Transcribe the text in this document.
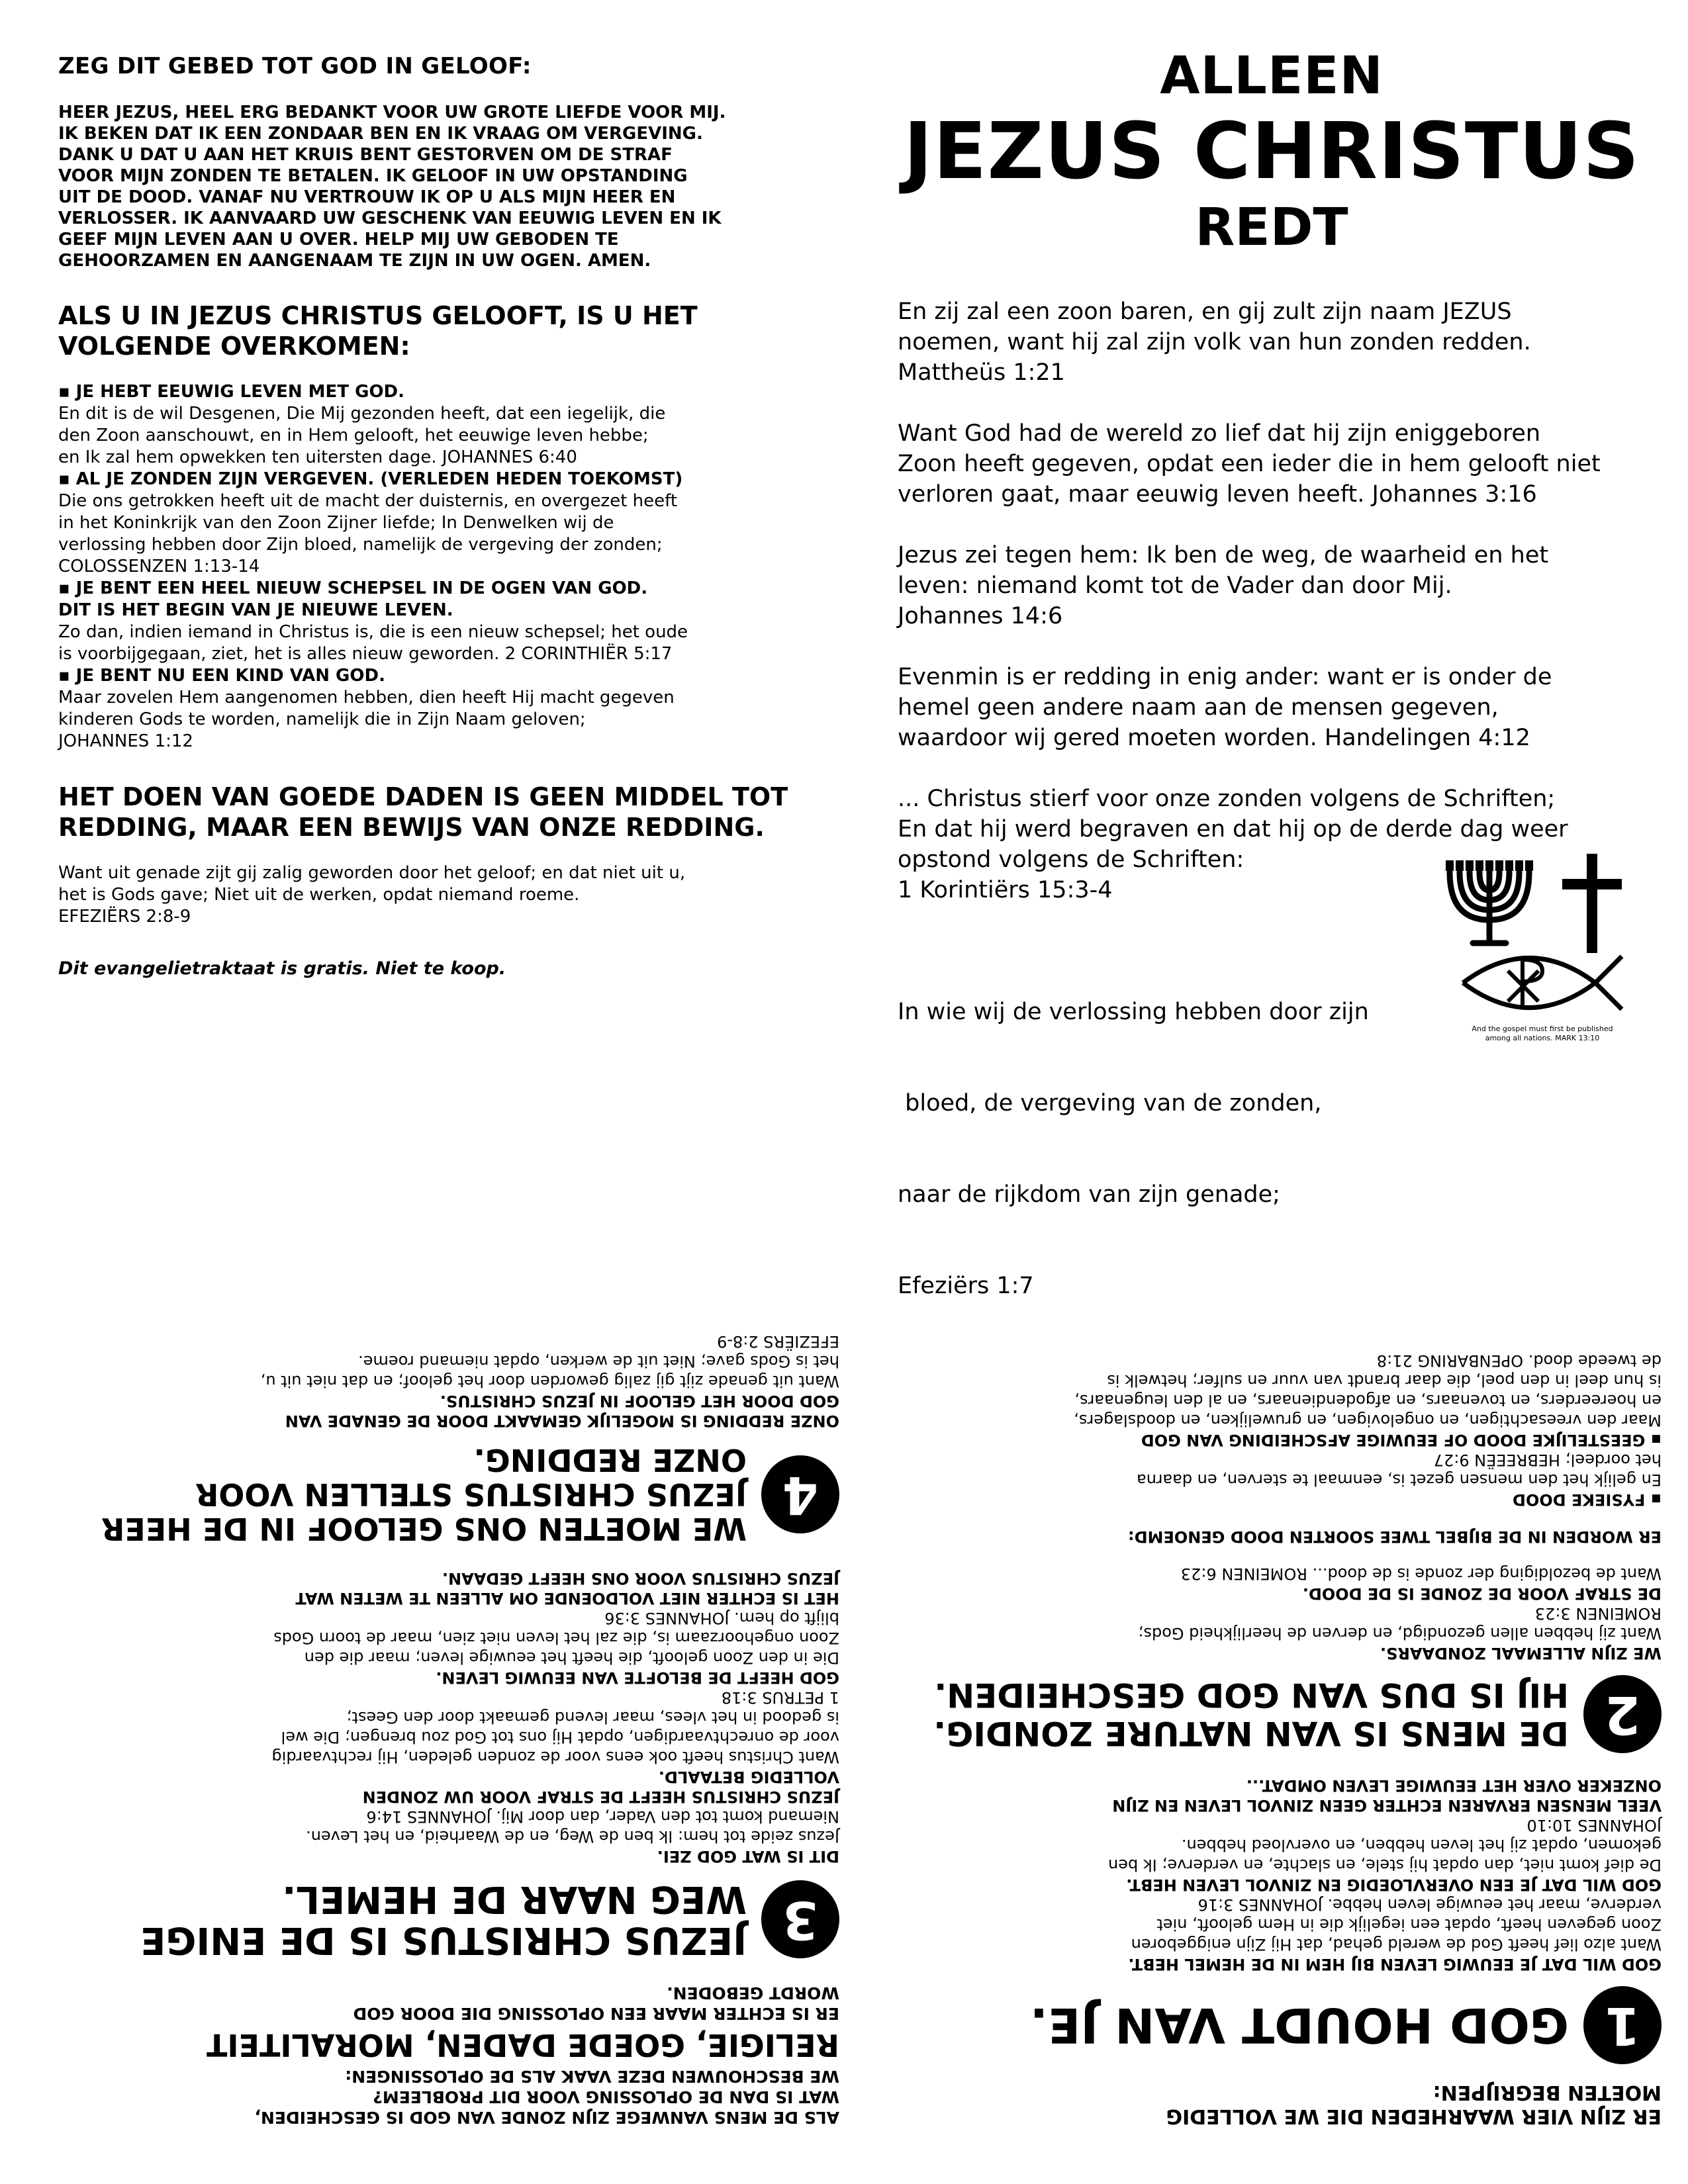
ZEG DIT GEBED TOT GOD IN GELOOF:
HEER JEZUS, HEEL ERG BEDANKT VOOR UW GROTE LIEFDE VOOR MIJ.
IK BEKEN DAT IK EEN ZONDAAR BEN EN IK VRAAG OM VERGEVING.
DANK U DAT U AAN HET KRUIS BENT GESTORVEN OM DE STRAF
VOOR MIJN ZONDEN TE BETALEN. IK GELOOF IN UW OPSTANDING
UIT DE DOOD. VANAF NU VERTROUW IK OP U ALS MIJN HEER EN
VERLOSSER. IK AANVAARD UW GESCHENK VAN EEUWIG LEVEN EN IK
GEEF MIJN LEVEN AAN U OVER. HELP MIJ UW GEBODEN TE
GEHOORZAMEN EN AANGENAAM TE ZIJN IN UW OGEN. AMEN.
ALS U IN JEZUS CHRISTUS GELOOFT, IS U HET
VOLGENDE OVERKOMEN:
▪ JE HEBT EEUWIG LEVEN MET GOD.
En dit is de wil Desgenen, Die Mij gezonden heeft, dat een iegelijk, die
den Zoon aanschouwt, en in Hem gelooft, het eeuwige leven hebbe;
en Ik zal hem opwekken ten uitersten dage. JOHANNES 6:40
▪ AL JE ZONDEN ZIJN VERGEVEN. (VERLEDEN HEDEN TOEKOMST)
Die ons getrokken heeft uit de macht der duisternis, en overgezet heeft
in het Koninkrijk van den Zoon Zijner liefde; In Denwelken wij de
verlossing hebben door Zijn bloed, namelijk de vergeving der zonden;
COLOSSENZEN 1:13-14
▪ JE BENT EEN HEEL NIEUW SCHEPSEL IN DE OGEN VAN GOD.
DIT IS HET BEGIN VAN JE NIEUWE LEVEN.
Zo dan, indien iemand in Christus is, die is een nieuw schepsel; het oude
is voorbijgegaan, ziet, het is alles nieuw geworden. 2 CORINTHIËR 5:17
▪ JE BENT NU EEN KIND VAN GOD.
Maar zovelen Hem aangenomen hebben, dien heeft Hij macht gegeven
kinderen Gods te worden, namelijk die in Zijn Naam geloven;
JOHANNES 1:12
HET DOEN VAN GOEDE DADEN IS GEEN MIDDEL TOT
REDDING, MAAR EEN BEWIJS VAN ONZE REDDING.
Want uit genade zijt gij zalig geworden door het geloof; en dat niet uit u,
het is Gods gave; Niet uit de werken, opdat niemand roeme.
EFEZIËRS 2:8-9
Dit evangelietraktaat is gratis. Niet te koop.
ALLEEN
JEZUS CHRISTUS
REDT
En zij zal een zoon baren, en gij zult zijn naam JEZUS
noemen, want hij zal zijn volk van hun zonden redden.
Mattheüs 1:21
Want God had de wereld zo lief dat hij zijn eniggeboren
Zoon heeft gegeven, opdat een ieder die in hem gelooft niet
verloren gaat, maar eeuwig leven heeft. Johannes 3:16
Jezus zei tegen hem: Ik ben de weg, de waarheid en het
leven: niemand komt tot de Vader dan door Mij.
Johannes 14:6
Evenmin is er redding in enig ander: want er is onder de
hemel geen andere naam aan de mensen gegeven,
waardoor wij gered moeten worden. Handelingen 4:12
... Christus stierf voor onze zonden volgens de Schriften;
En dat hij werd begraven en dat hij op de derde dag weer
opstond volgens de Schriften:
1 Korintiërs 15:3-4

In wie wij de verlossing hebben door zijn

bloed, de vergeving van de zonden,

naar de rijkdom van zijn genade;

Efeziërs 1:7

And the gospel must first be published
among all nations. MARK 13:10
ALS DE MENS VANWEGE ZIJN ZONDE VAN GOD IS GESCHEIDEN,
WAT IS DAN DE OPLOSSING VOOR DIT PROBLEEM?
WE BESCHOUWEN DEZE VAAK ALS DE OPLOSSINGEN:
RELIGIE, GOEDE DADEN, MORALITEIT
ER IS ECHTER MAAR EEN OPLOSSING DIE DOOR GOD
WORDT GEBODEN.
3
JEZUS CHRISTUS IS DE ENIGE
WEG NAAR DE HEMEL.
DIT IS WAT GOD ZEI.
Jezus zeide tot hem: Ik ben de Weg, en de Waarheid, en het Leven.
Niemand komt tot den Vader, dan door Mij. JOHANNES 14:6
JEZUS CHRISTUS HEEFT DE STRAF VOOR UW ZONDEN
VOLLEDIG BETAALD.
Want Christus heeft ook eens voor de zonden geleden, Hij rechtvaardig
voor de onrechtvaardigen, opdat Hij ons tot God zou brengen; Die wel
is gedood in het vlees, maar levend gemaakt door den Geest;
1 PETRUS 3:18
GOD HEEFT DE BELOFTE VAN EEUWIG LEVEN.
Die in den Zoon gelooft, die heeft het eeuwige leven; maar die den
Zoon ongehoorzaam is, die zal het leven niet zien, maar de toorn Gods
blijft op hem. JOHANNES 3:36
HET IS ECHTER NIET VOLDOENDE OM ALLEEN TE WETEN WAT
JEZUS CHRISTUS VOOR ONS HEEFT GEDAAN.
4
WE MOETEN ONS GELOOF IN DE HEER
JEZUS CHRISTUS STELLEN VOOR
ONZE REDDING.
ONZE REDDING IS MOGELIJK GEMAAKT DOOR DE GENADE VAN
GOD DOOR HET GELOOF IN JEZUS CHRISTUS.
Want uit genade zijt gij zalig geworden door het geloof; en dat niet uit u,
het is Gods gave; Niet uit de werken, opdat niemand roeme.
EFEZIËRS 2:8-9
ER ZIJN VIER WAARHEDEN DIE WE VOLLEDIG
MOETEN BEGRIJPEN:
1
GOD HOUDT VAN JE.
GOD WIL DAT JE EEUWIG LEVEN BIJ HEM IN DE HEMEL HEBT.
Want alzo lief heeft God de wereld gehad, dat Hij Zijn eniggeboren
Zoon gegeven heeft, opdat een iegelijk die in Hem gelooft, niet
verderve, maar het eeuwige leven hebbe. JOHANNES 3:16
GOD WIL DAT JE EEN OVERVLOEDIG EN ZINVOL LEVEN HEBT.
De dief komt niet, dan opdat hij stele, en slachte, en verderve; Ik ben
gekomen, opdat zij het leven hebben, en overvloed hebben.
JOHANNES 10:10
VEEL MENSEN ERVAREN ECHTER GEEN ZINVOL LEVEN EN ZIJN
ONZEKER OVER HET EEUWIGE LEVEN OMDAT...
2
DE MENS IS VAN NATURE ZONDIG.
HIJ IS DUS VAN GOD GESCHEIDEN.
WE ZIJN ALLEMAAL ZONDAARS.
Want zij hebben allen gezondigd, en derven de heerlijkheid Gods;
ROMEINEN 3:23
DE STRAF VOOR DE ZONDE IS DE DOOD.
Want de bezoldiging der zonde is de dood... ROMEINEN 6:23
ER WORDEN IN DE BIJBEL TWEE SOORTEN DOOD GENOEMD:
▪ FYSIEKE DOOD
En gelijk het den mensen gezet is, eenmaal te sterven, en daarna
het oordeel; HEBREEËN 9:27
▪ GEESTELIJKE DOOD OF EEUWIGE AFSCHEIDING VAN GOD
Maar den vreesachtigen, en ongelovigen, en gruwelijken, en doodslagers,
en hoereerders, en tovenaars, en afgodendienaars, en al den leugenaars,
is hun deel in den poel, die daar brandt van vuur en sulfer; hetwelk is
de tweede dood. OPENBARING 21:8
